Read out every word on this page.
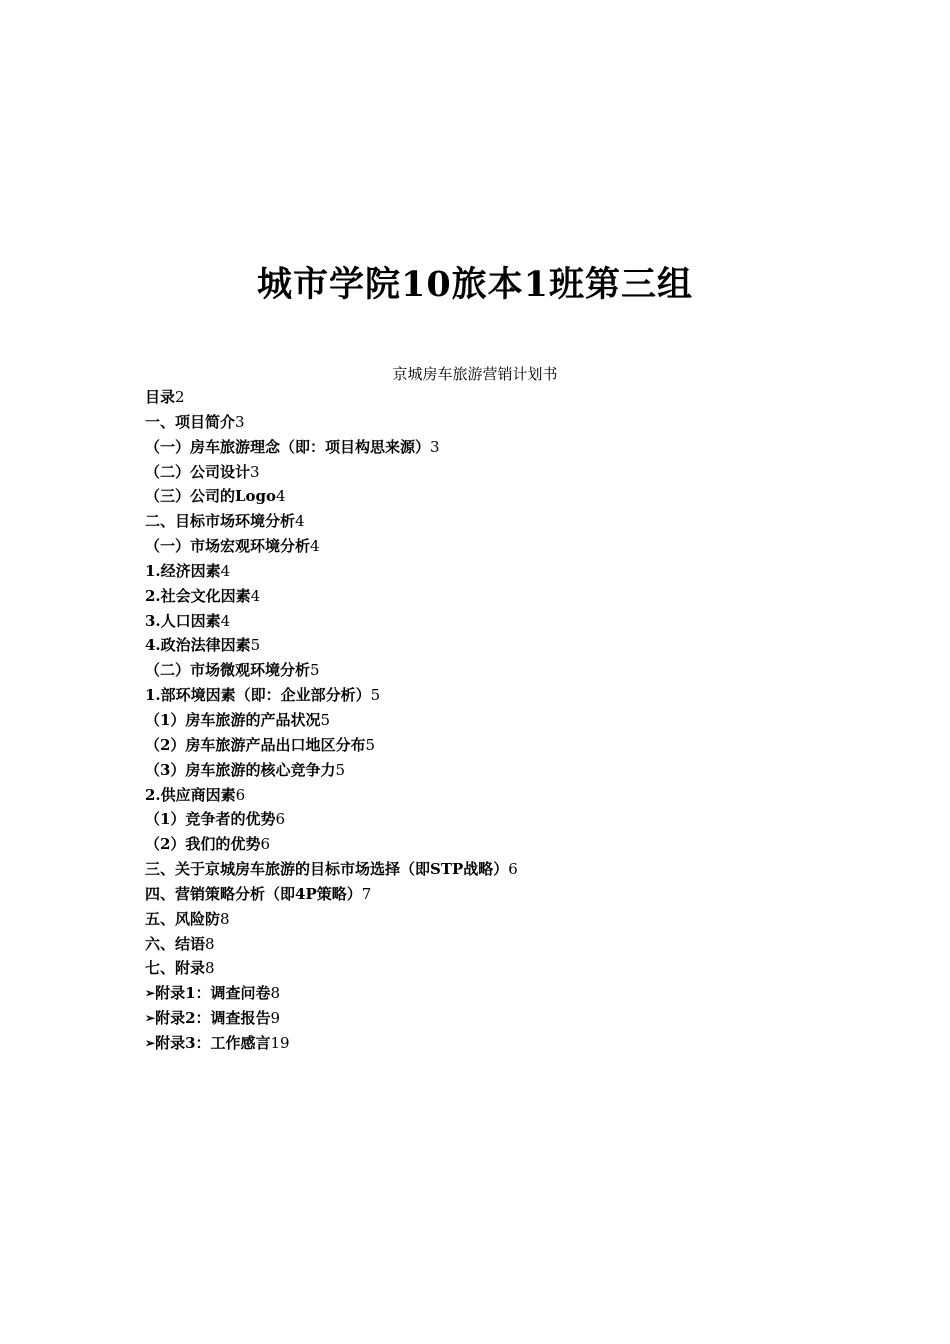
城市学院10旅本1班第三组
京城房车旅游营销计划书
目录2
一、项目简介3
（一）房车旅游理念（即：项目构思来源）3
（二）公司设计3
（三）公司的Logo4
二、目标市场环境分析4
（一）市场宏观环境分析4
1.经济因素4
2.社会文化因素4
3.人口因素4
4.政治法律因素5
（二）市场微观环境分析5
1.部环境因素（即：企业部分析）5
（1）房车旅游的产品状况5
（2）房车旅游产品出口地区分布5
（3）房车旅游的核心竞争力5
2.供应商因素6
（1）竞争者的优势6
（2）我们的优势6
三、关于京城房车旅游的目标市场选择（即STP战略）6
四、营销策略分析（即4P策略）7
五、风险防8
六、结语8
七、附录8
➢附录1：调查问卷8
➢附录2：调查报告9
➢附录3：工作感言19
